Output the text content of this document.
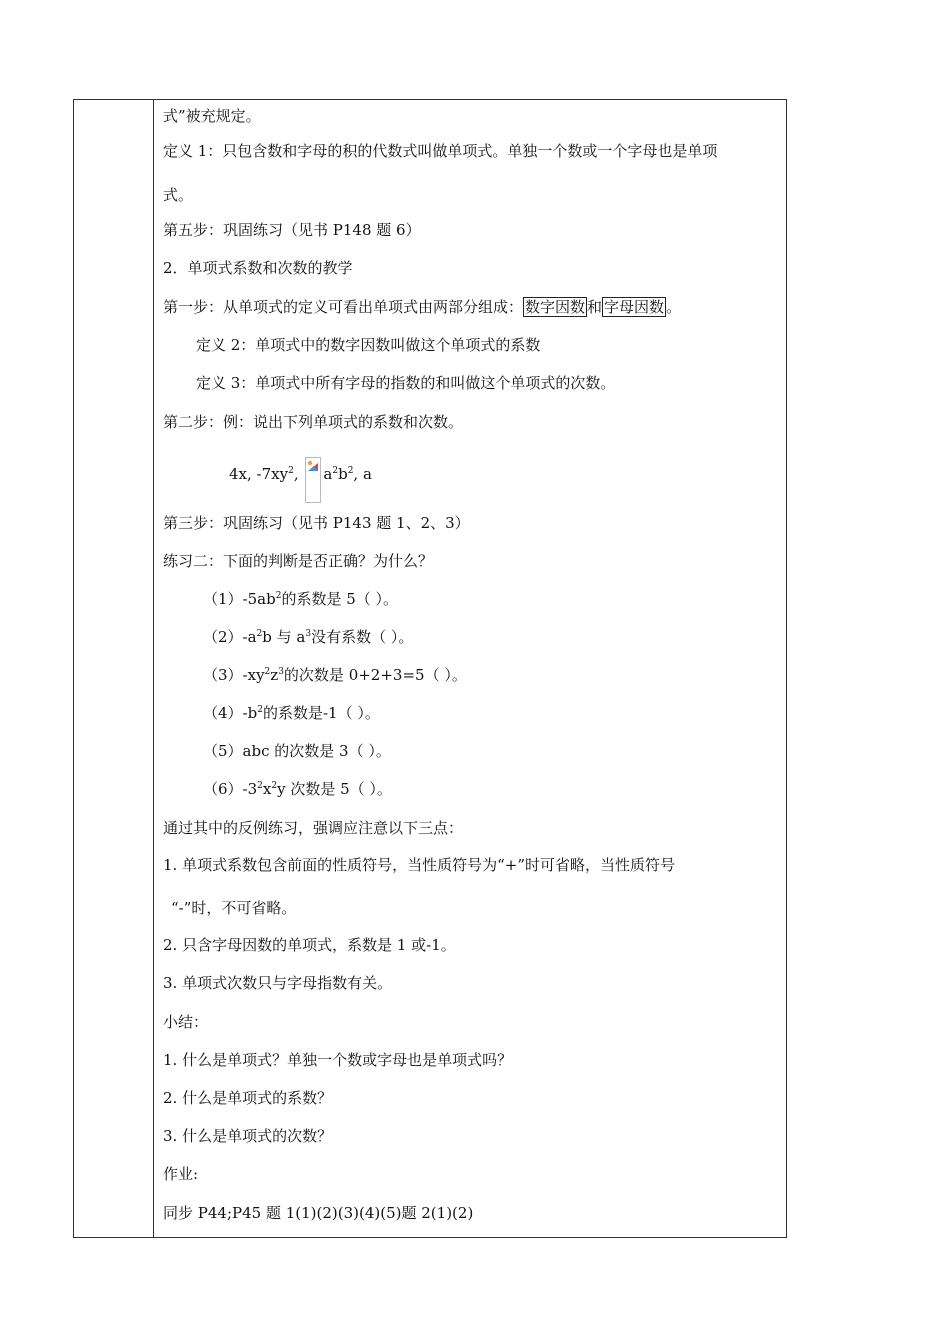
式”被充规定。
定义 1：只包含数和字母的积的代数式叫做单项式。单独一个数或一个字母也是单项
式。
第五步：巩固练习（见书 P148 题 6）
2．单项式系数和次数的教学
第一步：从单项式的定义可看出单项式由两部分组成： 数字因数 和 字母因数 。
定义 2：单项式中的数字因数叫做这个单项式的系数
定义 3：单项式中所有字母的指数的和叫做这个单项式的次数。
第二步：例：说出下列单项式的系数和次数。
4x, $-7xy^2$, $a^2b^2$, a
第三步：巩固练习（见书 P143 题 1、2、3）
练习二：下面的判断是否正确？为什么？
$(1)-5ab^2$的系数是 5（ ）。
$(2)-a^2b$ 与 $a^3$没有系数（ ）。
$(3)-xy^2z^3$的次数是 0+2+3=5（ ）。
$(4)-b^2$的系数是-1（ ）。
（5）abc 的次数是 3（ ）。
$(6)-3^2x^2y$ 次数是 5（ ）。
通过其中的反例练习，强调应注意以下三点：
1. 单项式系数包含前面的性质符号，当性质符号为“+”时可省略，当性质符号
“-”时，不可省略。
2. 只含字母因数的单项式，系数是 1 或-1。
3. 单项式次数只与字母指数有关。
小结：
1. 什么是单项式？单独一个数或字母也是单项式吗？
2. 什么是单项式的系数？
3. 什么是单项式的次数？
作业:
同步 P44;P45 题 1(1)(2)(3)(4)(5)题 2(1)(2)
